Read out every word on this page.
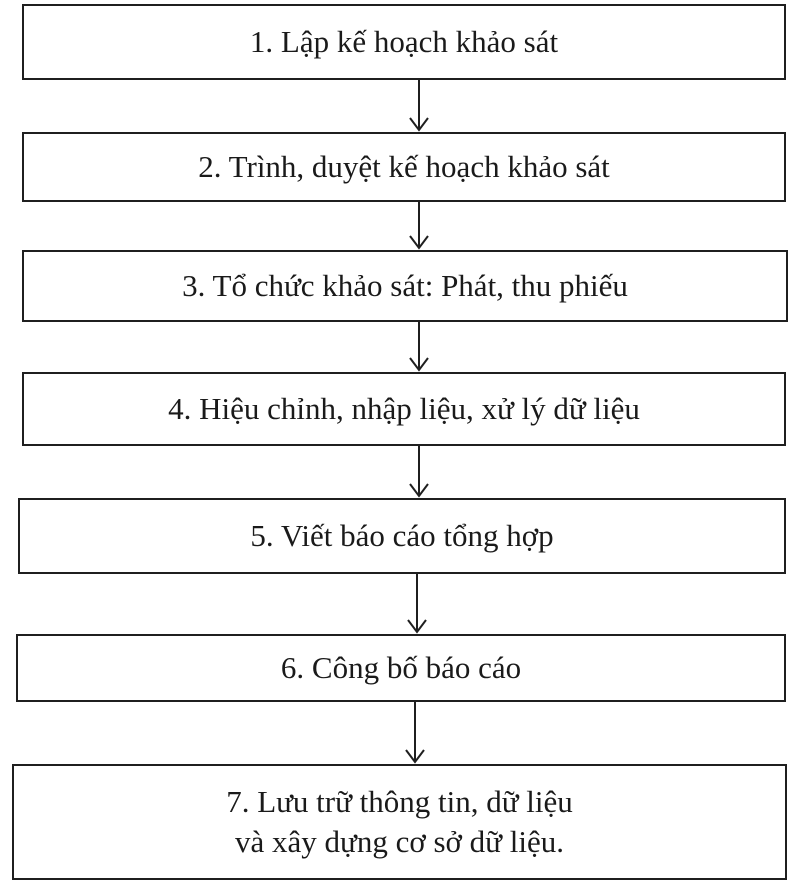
1. Lập kế hoạch khảo sát
2. Trình, duyệt kế hoạch khảo sát
3. Tổ chức khảo sát: Phát, thu phiếu
4. Hiệu chỉnh, nhập liệu, xử lý dữ liệu
5. Viết báo cáo tổng hợp
6. Công bố báo cáo
7. Lưu trữ thông tin, dữ liệu
và xây dựng cơ sở dữ liệu.
